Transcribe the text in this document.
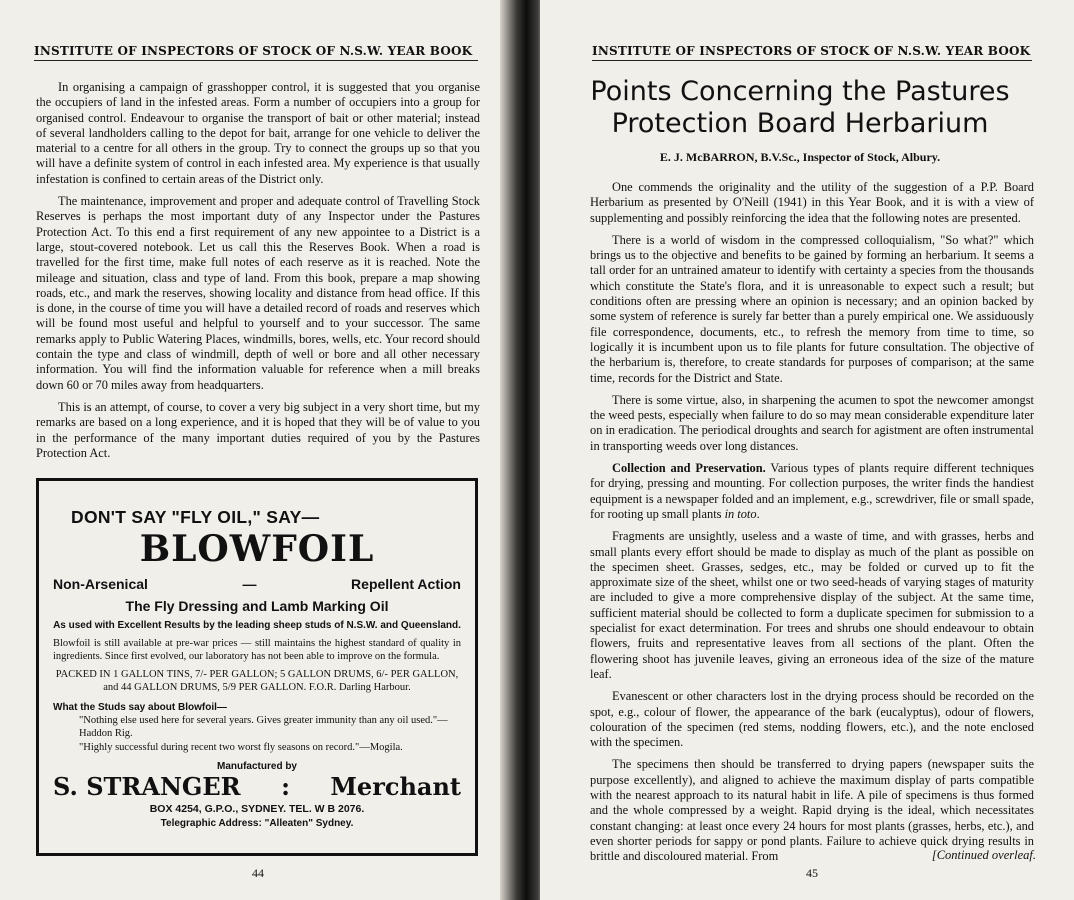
INSTITUTE OF INSPECTORS OF STOCK OF N.S.W. YEAR BOOK

In organising a campaign of grasshopper control, it is suggested that you organise the occupiers of land in the infested areas. Form a number of occupiers into a group for organised control. Endeavour to organise the transport of bait or other material; instead of several landholders calling to the depot for bait, arrange for one vehicle to deliver the material to a centre for all others in the group. Try to connect the groups up so that you will have a definite system of control in each infested area. My experience is that usually infestation is confined to certain areas of the District only.

The maintenance, improvement and proper and adequate control of Travelling Stock Reserves is perhaps the most important duty of any Inspector under the Pastures Protection Act. To this end a first requirement of any new appointee to a District is a large, stout-covered notebook. Let us call this the Reserves Book. When a road is travelled for the first time, make full notes of each reserve as it is reached. Note the mileage and situation, class and type of land. From this book, prepare a map showing roads, etc., and mark the reserves, showing locality and distance from head office. If this is done, in the course of time you will have a detailed record of roads and reserves which will be found most useful and helpful to yourself and to your successor. The same remarks apply to Public Watering Places, windmills, bores, wells, etc. Your record should contain the type and class of windmill, depth of well or bore and all other necessary information. You will find the information valuable for reference when a mill breaks down 60 or 70 miles away from headquarters.

This is an attempt, of course, to cover a very big subject in a very short time, but my remarks are based on a long experience, and it is hoped that they will be of value to you in the performance of the many important duties required of you by the Pastures Protection Act.

DON'T SAY "FLY OIL," SAY—
BLOWFOIL
Non-Arsenical	—	Repellent Action
The Fly Dressing and Lamb Marking Oil
As used with Excellent Results by the leading sheep studs of N.S.W. and Queensland.
Blowfoil is still available at pre-war prices — still maintains the highest standard of quality in ingredients. Since first evolved, our laboratory has not been able to improve on the formula.
PACKED IN 1 GALLON TINS, 7/- PER GALLON; 5 GALLON DRUMS, 6/- PER GALLON, and 44 GALLON DRUMS, 5/9 PER GALLON. F.O.R. Darling Harbour.
What the Studs say about Blowfoil—
"Nothing else used here for several years. Gives greater immunity than any oil used."—Haddon Rig.
"Highly successful during recent two worst fly seasons on record."—Mogila.
Manufactured by
S. STRANGER : Merchant
BOX 4254, G.P.O., SYDNEY. TEL. W B 2076.
Telegraphic Address: "Alleaten" Sydney.
44
INSTITUTE OF INSPECTORS OF STOCK OF N.S.W. YEAR BOOK
Points Concerning the Pastures Protection Board Herbarium
E. J. McBARRON, B.V.Sc., Inspector of Stock, Albury.

One commends the originality and the utility of the suggestion of a P.P. Board Herbarium as presented by O'Neill (1941) in this Year Book, and it is with a view of supplementing and possibly reinforcing the idea that the following notes are presented.

There is a world of wisdom in the compressed colloquialism, "So what?" which brings us to the objective and benefits to be gained by forming an herbarium. It seems a tall order for an untrained amateur to identify with certainty a species from the thousands which constitute the State's flora, and it is unreasonable to expect such a result; but conditions often are pressing where an opinion is necessary; and an opinion backed by some system of reference is surely far better than a purely empirical one. We assiduously file correspondence, documents, etc., to refresh the memory from time to time, so logically it is incumbent upon us to file plants for future consultation. The objective of the herbarium is, therefore, to create standards for purposes of comparison; at the same time, records for the District and State.

There is some virtue, also, in sharpening the acumen to spot the newcomer amongst the weed pests, especially when failure to do so may mean considerable expenditure later on in eradication. The periodical droughts and search for agistment are often instrumental in transporting weeds over long distances.

Collection and Preservation. Various types of plants require different techniques for drying, pressing and mounting. For collection purposes, the writer finds the handiest equipment is a newspaper folded and an implement, e.g., screwdriver, file or small spade, for rooting up small plants in toto.

Fragments are unsightly, useless and a waste of time, and with grasses, herbs and small plants every effort should be made to display as much of the plant as possible on the specimen sheet. Grasses, sedges, etc., may be folded or curved up to fit the approximate size of the sheet, whilst one or two seed-heads of varying stages of maturity are included to give a more comprehensive display of the subject. At the same time, sufficient material should be collected to form a duplicate specimen for submission to a specialist for exact determination. For trees and shrubs one should endeavour to obtain flowers, fruits and representative leaves from all sections of the plant. Often the flowering shoot has juvenile leaves, giving an erroneous idea of the size of the mature leaf.

Evanescent or other characters lost in the drying process should be recorded on the spot, e.g., colour of flower, the appearance of the bark (eucalyptus), odour of flowers, colouration of the specimen (red stems, nodding flowers, etc.), and the note enclosed with the specimen.

The specimens then should be transferred to drying papers (newspaper suits the purpose excellently), and aligned to achieve the maximum display of parts compatible with the nearest approach to its natural habit in life. A pile of specimens is thus formed and the whole compressed by a weight. Rapid drying is the ideal, which necessitates constant changing: at least once every 24 hours for most plants (grasses, herbs, etc.), and even shorter periods for sappy or pond plants. Failure to achieve quick drying results in brittle and discoloured material. From	[Continued overleaf.
45
